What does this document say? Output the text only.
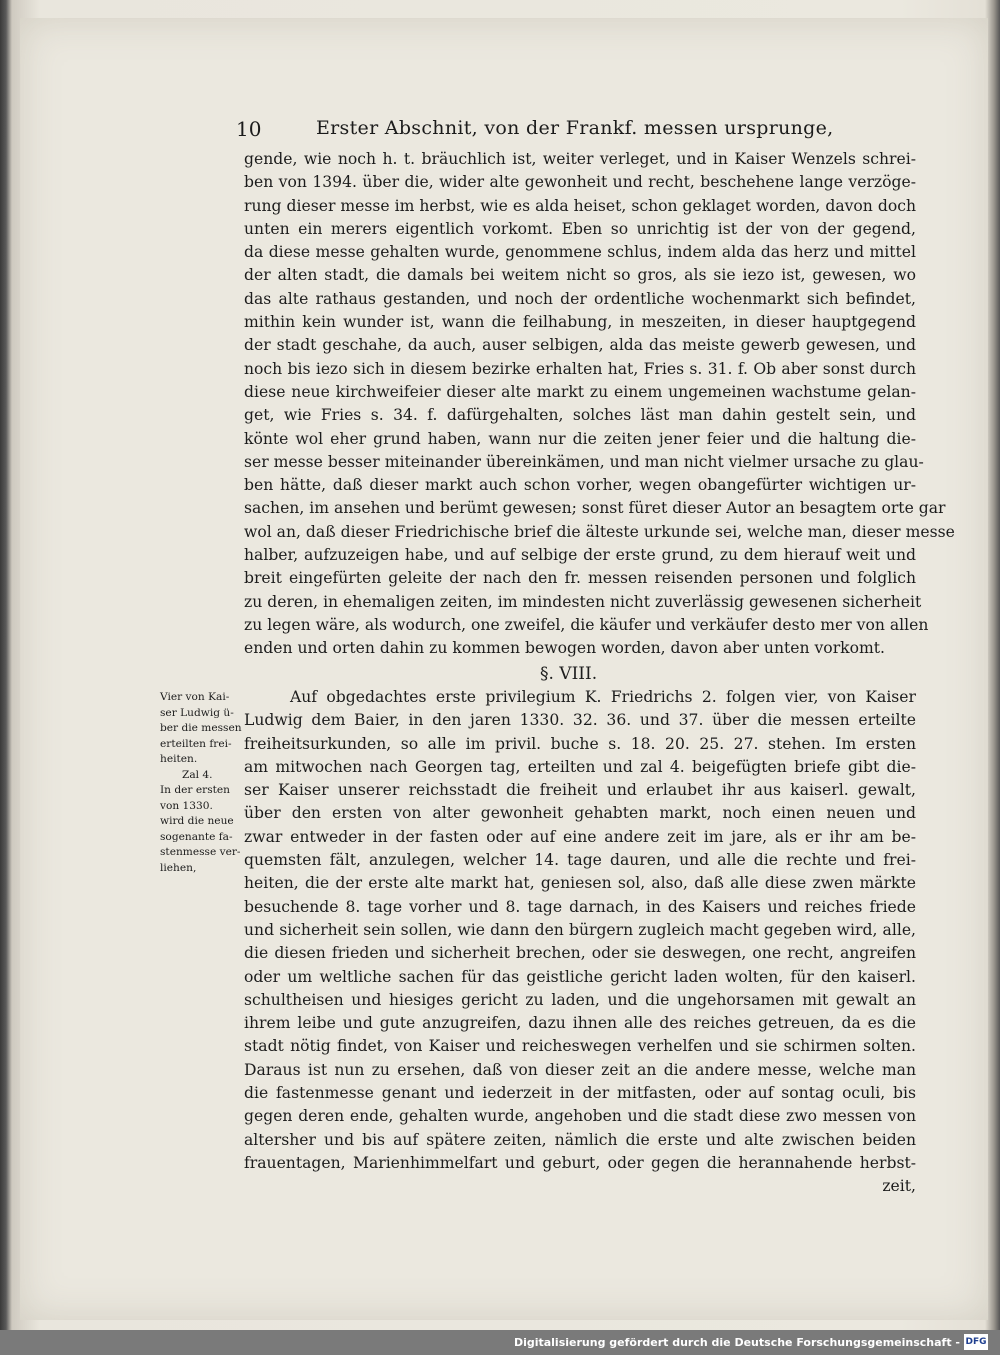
10	Erster Abschnit, von der Frankf. messen ursprunge,
gende, wie noch h. t. bräuchlich ist, weiter verleget, und in Kaiser Wenzels schrei-
ben von 1394. über die, wider alte gewonheit und recht, beschehene lange verzöge-
rung dieser messe im herbst, wie es alda heiset, schon geklaget worden, davon doch
unten ein merers eigentlich vorkomt. Eben so unrichtig ist der von der gegend,
da diese messe gehalten wurde, genommene schlus, indem alda das herz und mittel
der alten stadt, die damals bei weitem nicht so gros, als sie iezo ist, gewesen, wo
das alte rathaus gestanden, und noch der ordentliche wochenmarkt sich befindet,
mithin kein wunder ist, wann die feilhabung, in meszeiten, in dieser hauptgegend
der stadt geschahe, da auch, auser selbigen, alda das meiste gewerb gewesen, und
noch bis iezo sich in diesem bezirke erhalten hat, Fries s. 31. f. Ob aber sonst durch
diese neue kirchweifeier dieser alte markt zu einem ungemeinen wachstume gelan-
get, wie Fries s. 34. f. dafürgehalten, solches läst man dahin gestelt sein, und
könte wol eher grund haben, wann nur die zeiten jener feier und die haltung die-
ser messe besser miteinander übereinkämen, und man nicht vielmer ursache zu glau-
ben hätte, daß dieser markt auch schon vorher, wegen obangefürter wichtigen ur-
sachen, im ansehen und berümt gewesen; sonst füret dieser Autor an besagtem orte gar
wol an, daß dieser Friedrichische brief die älteste urkunde sei, welche man, dieser messe
halber, aufzuzeigen habe, und auf selbige der erste grund, zu dem hierauf weit und
breit eingefürten geleite der nach den fr. messen reisenden personen und folglich
zu deren, in ehemaligen zeiten, im mindesten nicht zuverlässig gewesenen sicherheit
zu legen wäre, als wodurch, one zweifel, die käufer und verkäufer desto mer von allen
enden und orten dahin zu kommen bewogen worden, davon aber unten vorkomt.
§. VIII.
Vier von Kai-
ser Ludwig ü-
ber die messen
erteilten frei-
heiten.
Zal 4.
In der ersten
von 1330.
wird die neue
sogenante fa-
stenmesse ver-
liehen,
Auf obgedachtes erste privilegium K. Friedrichs 2. folgen vier, von Kaiser
Ludwig dem Baier, in den jaren 1330. 32. 36. und 37. über die messen erteilte
freiheitsurkunden, so alle im privil. buche s. 18. 20. 25. 27. stehen. Im ersten
am mitwochen nach Georgen tag, erteilten und zal 4. beigefügten briefe gibt die-
ser Kaiser unserer reichsstadt die freiheit und erlaubet ihr aus kaiserl. gewalt,
über den ersten von alter gewonheit gehabten markt, noch einen neuen und
zwar entweder in der fasten oder auf eine andere zeit im jare, als er ihr am be-
quemsten fält, anzulegen, welcher 14. tage dauren, und alle die rechte und frei-
heiten, die der erste alte markt hat, geniesen sol, also, daß alle diese zwen märkte
besuchende 8. tage vorher und 8. tage darnach, in des Kaisers und reiches friede
und sicherheit sein sollen, wie dann den bürgern zugleich macht gegeben wird, alle,
die diesen frieden und sicherheit brechen, oder sie deswegen, one recht, angreifen
oder um weltliche sachen für das geistliche gericht laden wolten, für den kaiserl.
schultheisen und hiesiges gericht zu laden, und die ungehorsamen mit gewalt an
ihrem leibe und gute anzugreifen, dazu ihnen alle des reiches getreuen, da es die
stadt nötig findet, von Kaiser und reicheswegen verhelfen und sie schirmen solten.
Daraus ist nun zu ersehen, daß von dieser zeit an die andere messe, welche man
die fastenmesse genant und iederzeit in der mitfasten, oder auf sontag oculi, bis
gegen deren ende, gehalten wurde, angehoben und die stadt diese zwo messen von
altersher und bis auf spätere zeiten, nämlich die erste und alte zwischen beiden
frauentagen, Marienhimmelfart und geburt, oder gegen die herannahende herbst-
zeit,
Digitalisierung gefördert durch die Deutsche Forschungsgemeinschaft - DFG
